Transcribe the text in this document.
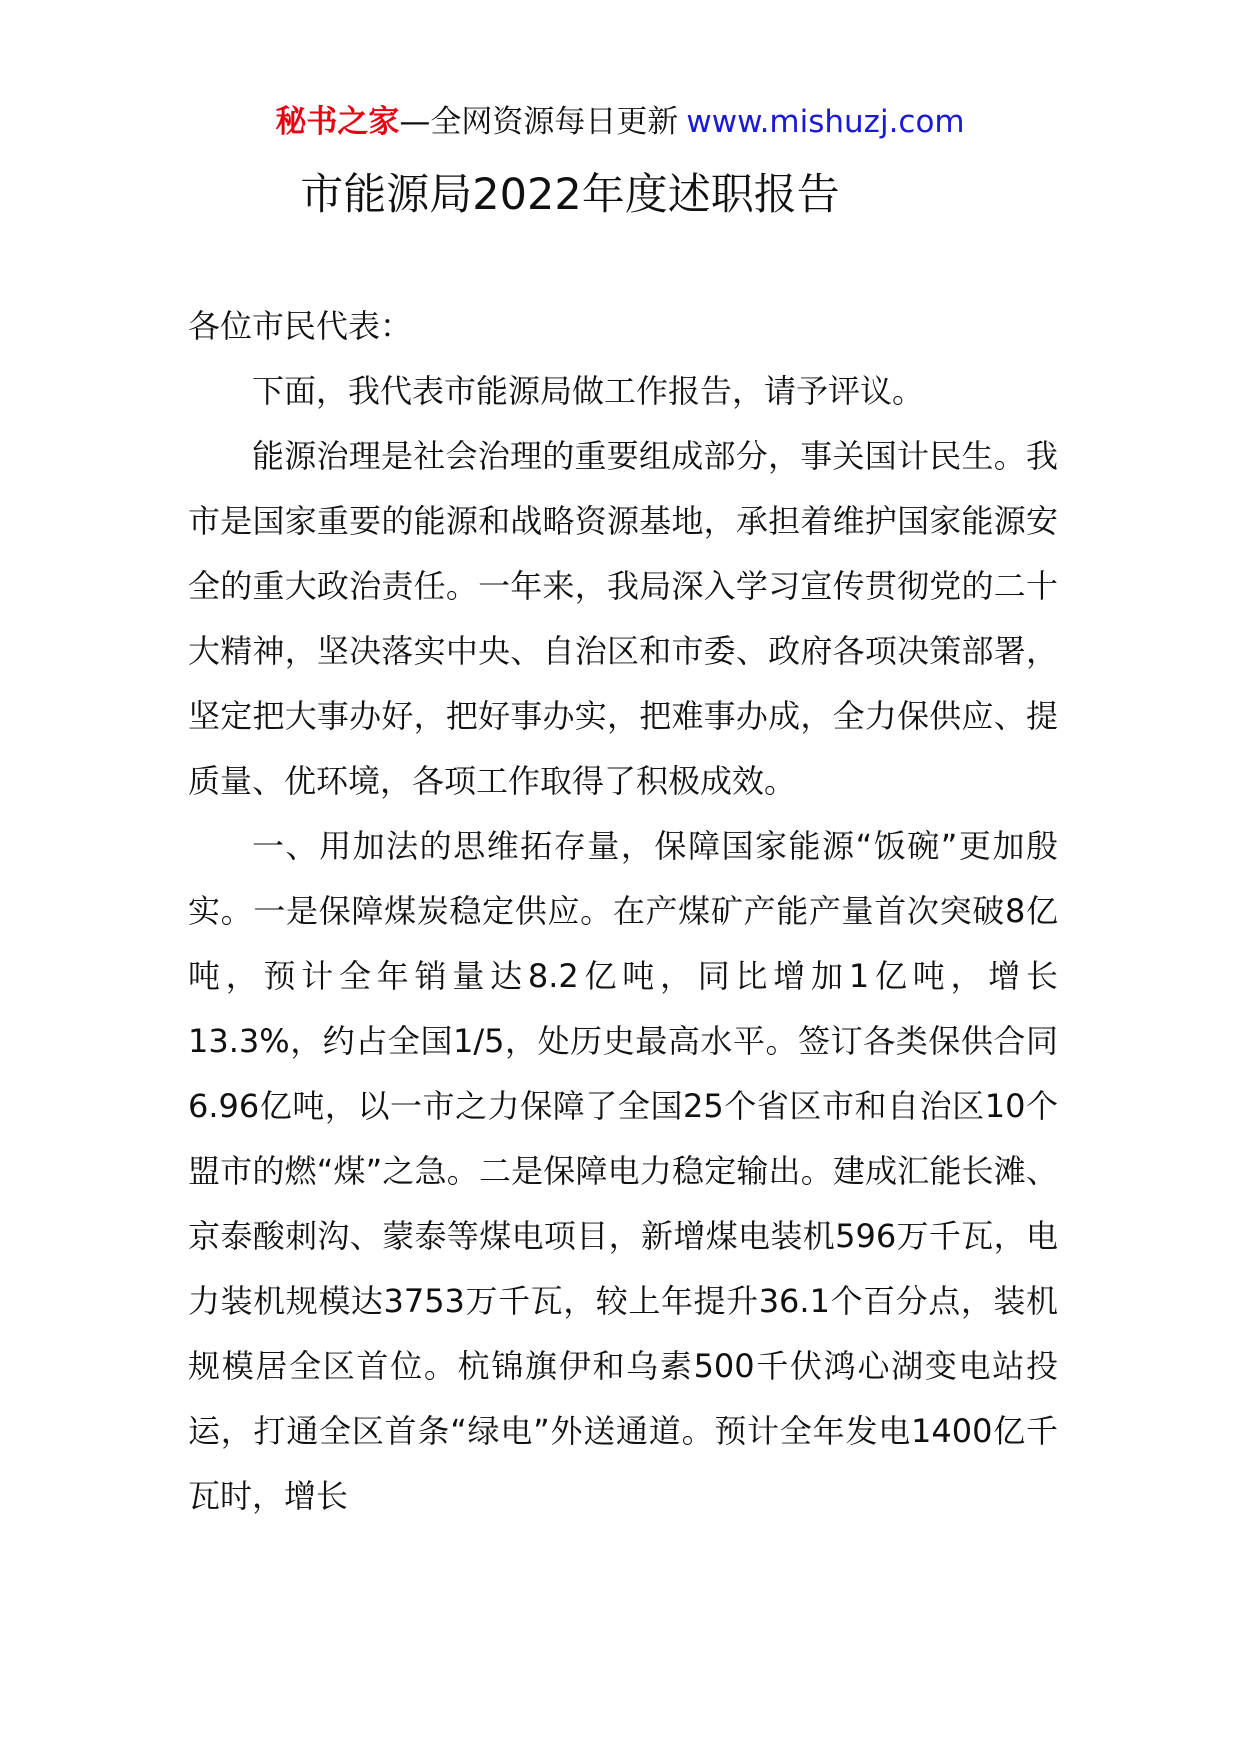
秘书之家—全网资源每日更新 www.mishuzj.com
市能源局2022年度述职报告

各位市民代表：

下面，我代表市能源局做工作报告，请予评议。

能源治理是社会治理的重要组成部分，事关国计民生。我市是国家重要的能源和战略资源基地，承担着维护国家能源安全的重大政治责任。一年来，我局深入学习宣传贯彻党的二十大精神，坚决落实中央、自治区和市委、政府各项决策部署，坚定把大事办好，把好事办实，把难事办成，全力保供应、提质量、优环境，各项工作取得了积极成效。

一、用加法的思维拓存量，保障国家能源“饭碗”更加殷实。一是保障煤炭稳定供应。在产煤矿产能产量首次突破8亿吨，预计全年销量达8.2亿吨，同比增加1亿吨，增长13.3%，约占全国1/5，处历史最高水平。签订各类保供合同6.96亿吨，以一市之力保障了全国25个省区市和自治区10个盟市的燃“煤”之急。二是保障电力稳定输出。建成汇能长滩、京泰酸刺沟、蒙泰等煤电项目，新增煤电装机596万千瓦，电力装机规模达3753万千瓦，较上年提升36.1个百分点，装机规模居全区首位。杭锦旗伊和乌素500千伏鸿心湖变电站投运，打通全区首条“绿电”外送通道。预计全年发电1400亿千瓦时，增长
